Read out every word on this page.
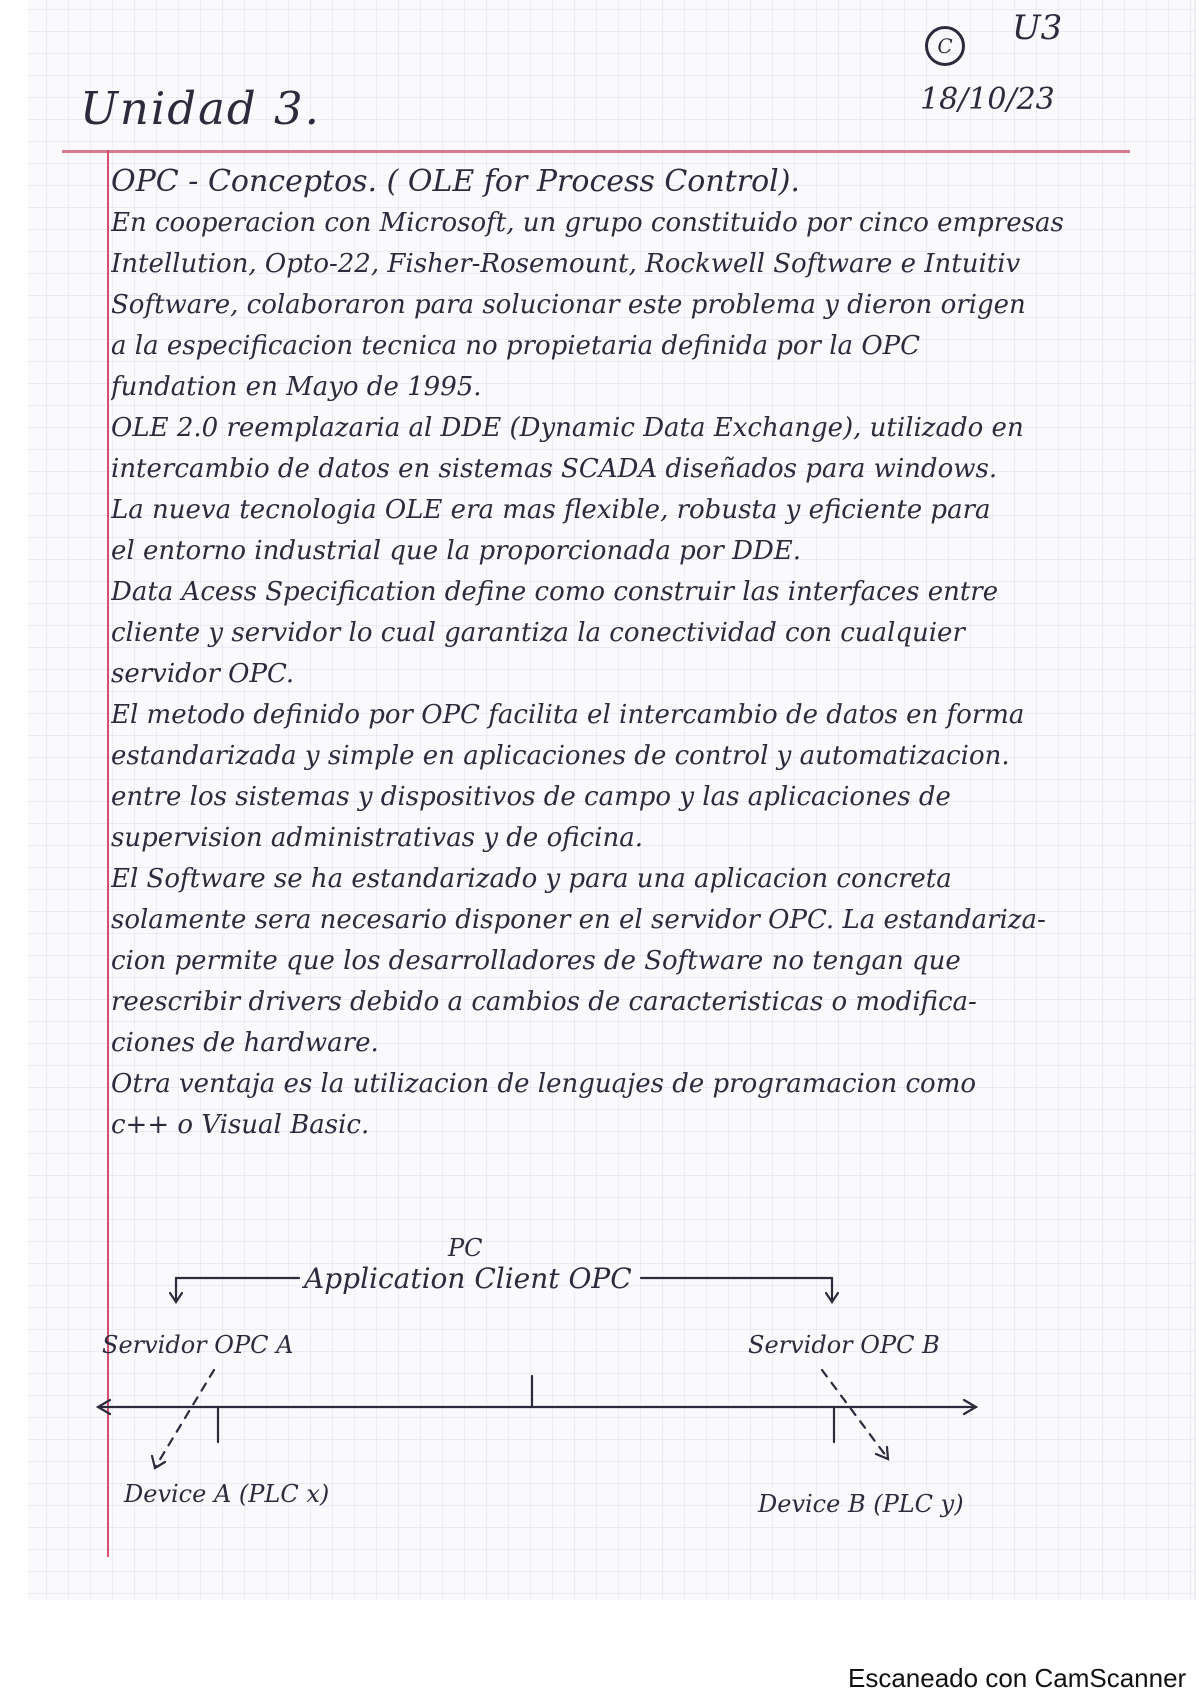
Unidad 3.
C	U3
18/10/23
OPC - Conceptos. ( OLE for Process Control).
En cooperacion con Microsoft, un grupo constituido por cinco empresas
Intellution, Opto-22, Fisher-Rosemount, Rockwell Software e Intuitiv
Software, colaboraron para solucionar este problema y dieron origen
a la especificacion tecnica no propietaria definida por la OPC
fundation en Mayo de 1995.
OLE 2.0 reemplazaria al DDE (Dynamic Data Exchange), utilizado en
intercambio de datos en sistemas SCADA diseñados para windows.
La nueva tecnologia OLE era mas flexible, robusta y eficiente para
el entorno industrial que la proporcionada por DDE.
Data Acess Specification define como construir las interfaces entre
cliente y servidor lo cual garantiza la conectividad con cualquier
servidor OPC.
El metodo definido por OPC facilita el intercambio de datos en forma
estandarizada y simple en aplicaciones de control y automatizacion.
entre los sistemas y dispositivos de campo y las aplicaciones de
supervision administrativas y de oficina.
El Software se ha estandarizado y para una aplicacion concreta
solamente sera necesario disponer en el servidor OPC. La estandariza-
cion permite que los desarrolladores de Software no tengan que
reescribir drivers debido a cambios de caracteristicas o modifica-
ciones de hardware.
Otra ventaja es la utilizacion de lenguajes de programacion como
c++ o Visual Basic.
PC
Application Client OPC
Servidor OPC A	Servidor OPC B
Device A (PLC x)	Device B (PLC y)
Escaneado con CamScanner
